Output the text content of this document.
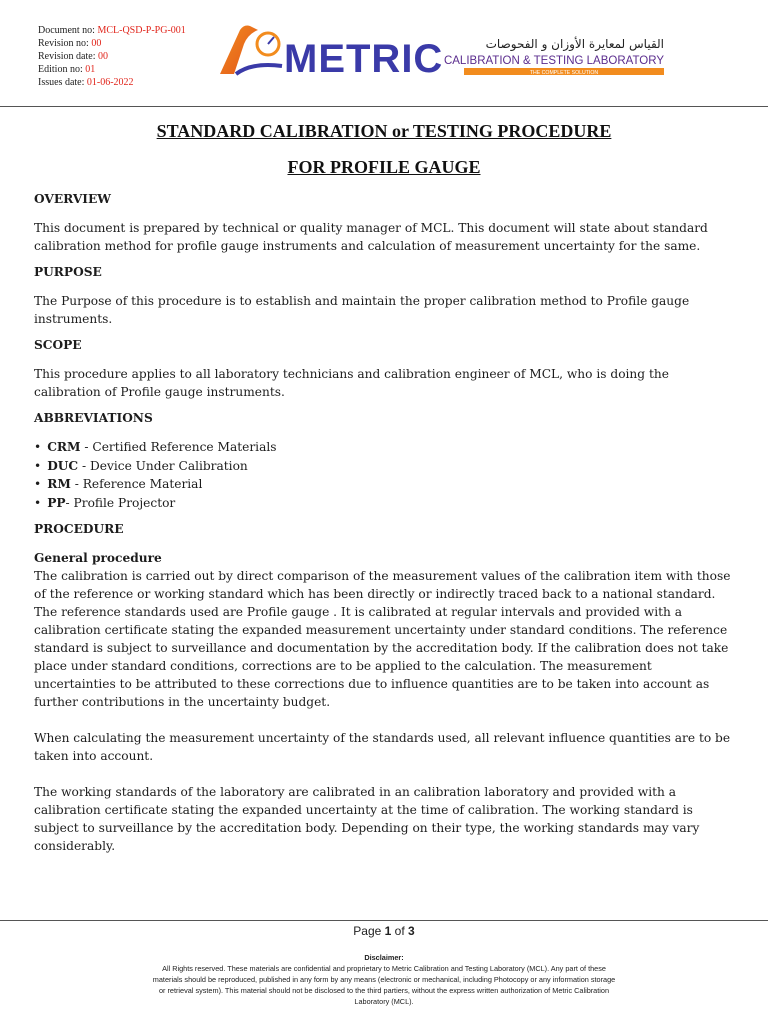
Document no: MCL-QSD-P-PG-001
Revision no: 00
Revision date: 00
Edition no: 01
Issues date: 01-06-2022
METRIC	القياس لمعايرة الأوزان و الفحوصات
CALIBRATION & TESTING LABORATORY
THE COMPLETE SOLUTION
STANDARD CALIBRATION or TESTING PROCEDURE
FOR PROFILE GAUGE
OVERVIEW

This document is prepared by technical or quality manager of MCL. This document will state about standard calibration method for profile gauge instruments and calculation of measurement uncertainty for the same.

PURPOSE

The Purpose of this procedure is to establish and maintain the proper calibration method to Profile gauge instruments.

SCOPE

This procedure applies to all laboratory technicians and calibration engineer of MCL, who is doing the calibration of Profile gauge instruments.

ABBREVIATIONS
• CRM - Certified Reference Materials
• DUC - Device Under Calibration
• RM - Reference Material
• PP- Profile Projector
PROCEDURE
General procedure

The calibration is carried out by direct comparison of the measurement values of the calibration item with those of the reference or working standard which has been directly or indirectly traced back to a national standard.

The reference standards used are Profile gauge . It is calibrated at regular intervals and provided with a calibration certificate stating the expanded measurement uncertainty under standard conditions. The reference standard is subject to surveillance and documentation by the accreditation body. If the calibration does not take place under standard conditions, corrections are to be applied to the calculation. The measurement uncertainties to be attributed to these corrections due to influence quantities are to be taken into account as further contributions in the uncertainty budget.

When calculating the measurement uncertainty of the standards used, all relevant influence quantities are to be taken into account.

The working standards of the laboratory are calibrated in an calibration laboratory and provided with a calibration certificate stating the expanded uncertainty at the time of calibration. The working standard is subject to surveillance by the accreditation body. Depending on their type, the working standards may vary considerably.

Page 1 of 3
Disclaimer:
All Rights reserved. These materials are confidential and proprietary to Metric Calibration and Testing Laboratory (MCL). Any part of these materials should be reproduced, published in any form by any means (electronic or mechanical, including Photocopy or any information storage or retrieval system). This material should not be disclosed to the third partiers, without the express written authorization of Metric Calibration Laboratory (MCL).
